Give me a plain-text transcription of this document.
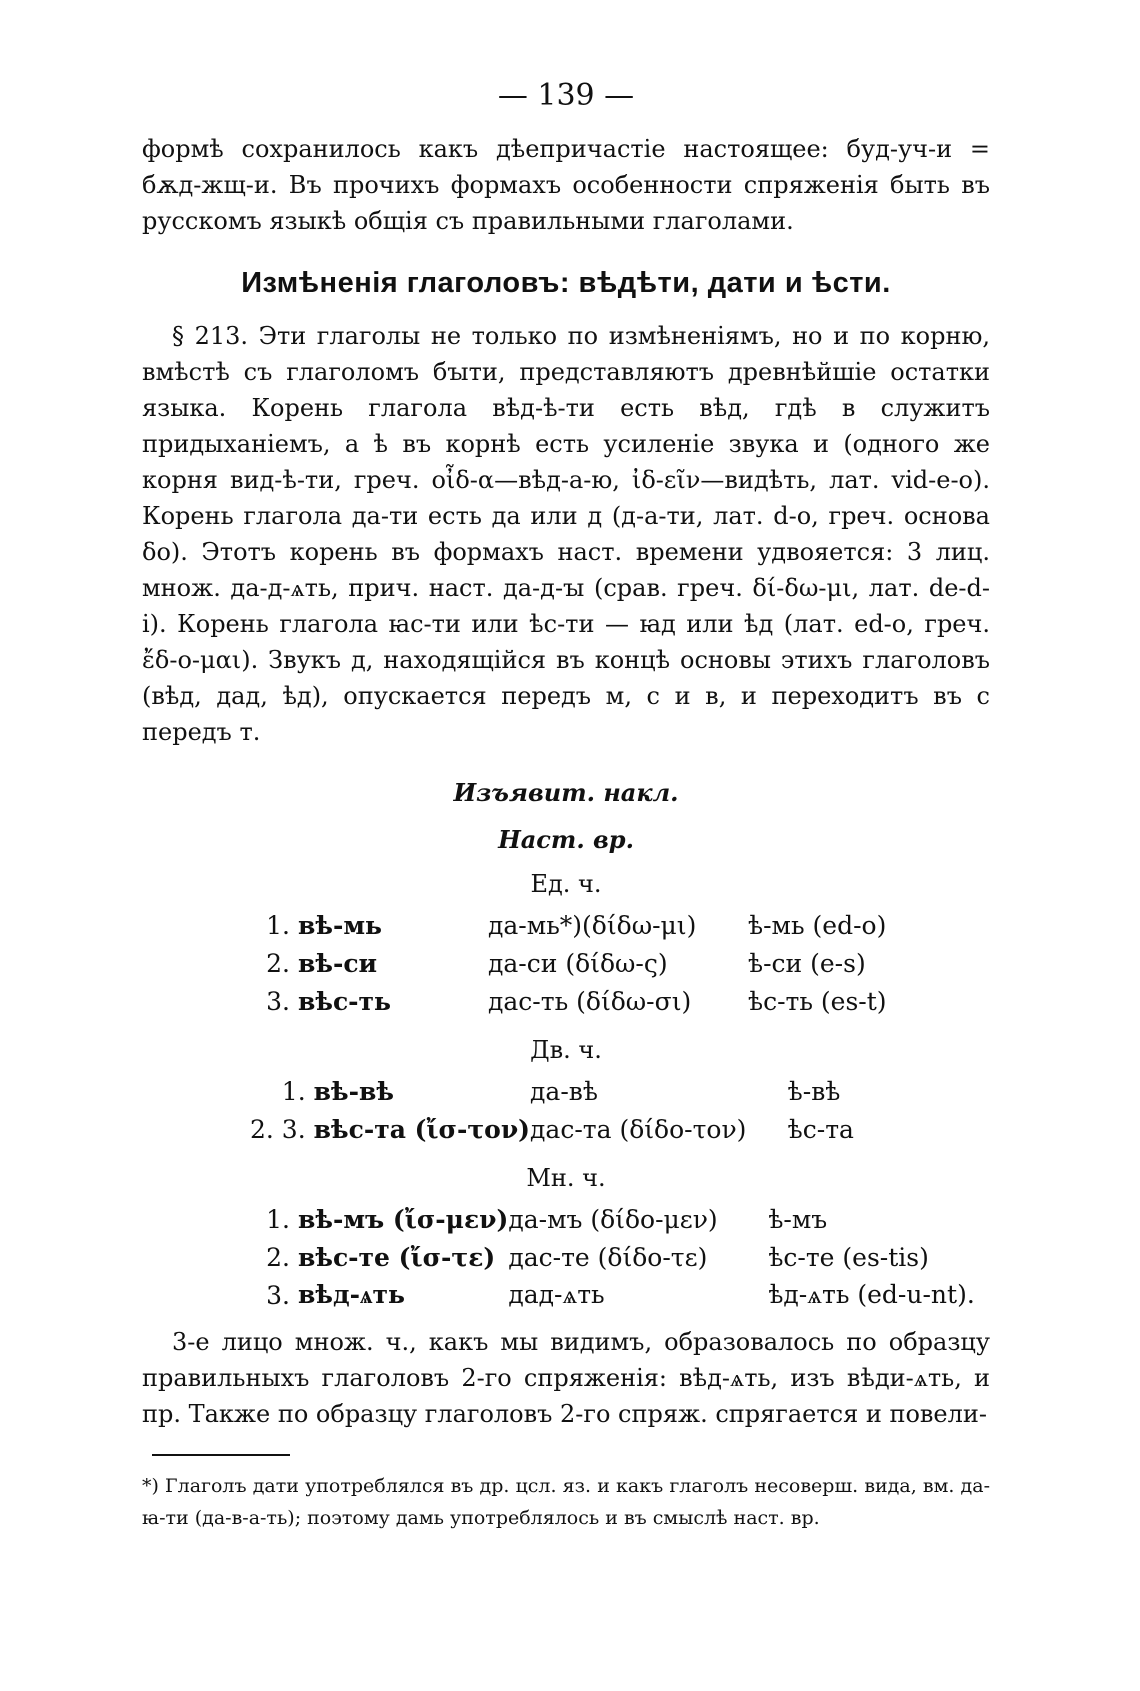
— 139 —

формѣ сохранилось какъ дѣепричастіе настоящее: буд-уч-и = бѫд-жщ-и. Въ прочихъ формахъ особенности спряженія быть въ русскомъ языкѣ общія съ правильными глаголами.

Измѣненія глаголовъ: вѣдѣти, дати и ѣсти.

§ 213. Эти глаголы не только по измѣненіямъ, но и по корню, вмѣстѣ съ глаголомъ бꙑти, представляютъ древнѣйшіе остатки языка. Корень глагола вѣд-ѣ-ти есть вѣд, гдѣ в служитъ придыханіемъ, а ѣ въ корнѣ есть усиленіе звука и (одного же корня вид-ѣ-ти, греч. οἶδ-α—вѣд-а-ю, ἰδ-εῖν—видѣть, лат. vid-e-o). Корень глагола да-ти есть да или д (д-а-ти, лат. d-o, греч. основа δο). Этотъ корень въ формахъ наст. времени удвояется: 3 лиц. множ. да-д-ѧть, прич. наст. да-д-ꙑ (срав. греч. δί-δω-μι, лат. de-d-i). Корень глагола ꙗс-ти или ѣс-ти — ꙗд или ѣд (лат. ed-o, греч. ἔδ-ο-μαι). Звукъ д, находящійся въ концѣ основы этихъ глаголовъ (вѣд, дад, ѣд), опускается передъ м, с и в, и переходитъ въ с передъ т.

Изъявит. накл.
Наст. вр.
Ед. ч.
1.	вѣ-мь	да-мь*)(δίδω-μι)	ѣ-мь (ed-o)
2.	вѣ-си	да-си (δίδω-ς)	ѣ-си (e-s)
3.	вѣс-ть	дас-ть (δίδω-σι)	ѣс-ть (es-t)
Дв. ч.
1.	вѣ-вѣ	да-вѣ	ѣ-вѣ
2. 3.	вѣс-та (ἴσ-τον)	дас-та (δίδο-τον)	ѣс-та
Мн. ч.
1.	вѣ-мъ (ἴσ-μεν)	да-мъ (δίδο-μεν)	ѣ-мъ
2.	вѣс-те (ἴσ-τε)	дас-те (δίδο-τε)	ѣс-те (es-tis)
3.	вѣд-ѧть	дад-ѧть	ѣд-ѧть (ed-u-nt).

3-е лицо множ. ч., какъ мы видимъ, образовалось по образцу правильныхъ глаголовъ 2-го спряженія: вѣд-ѧть, изъ вѣди-ѧть, и пр. Также по образцу глаголовъ 2-го спряж. спрягается и повели-

*) Глаголъ дати употреблялся въ др. цсл. яз. и какъ глаголъ несоверш. вида, вм. да-ꙗ-ти (да-в-а-ть); поэтому дамь употреблялось и въ смыслѣ наст. вр.
